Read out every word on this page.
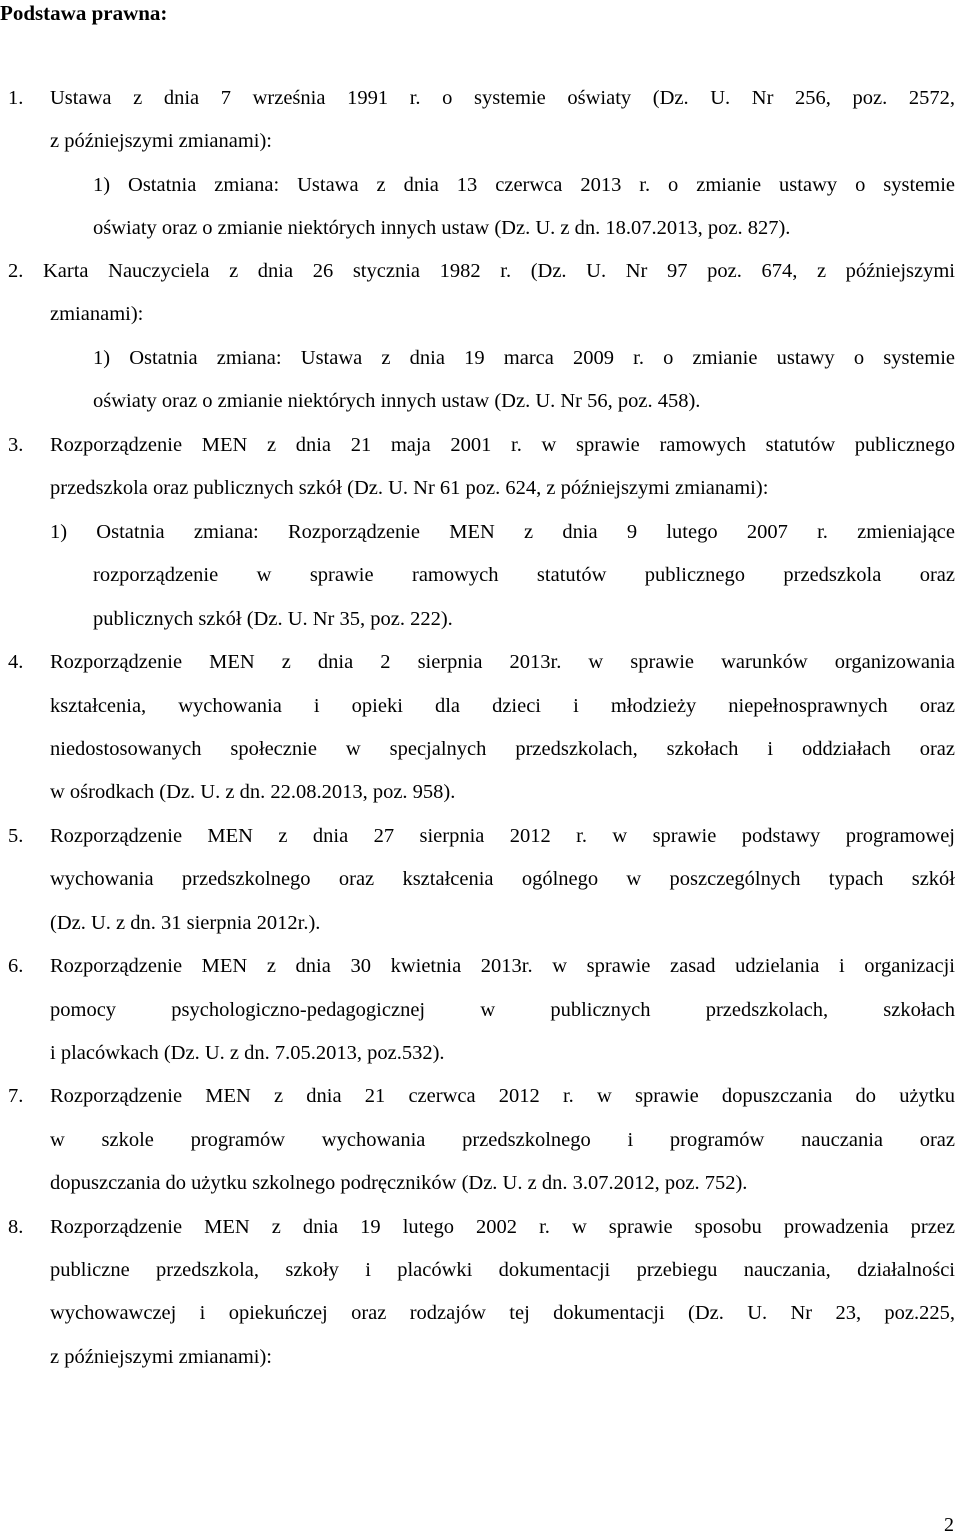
Podstawa prawna:
1. Ustawa z dnia 7 września 1991 r. o systemie oświaty (Dz. U. Nr 256, poz. 2572,
z późniejszymi zmianami):
1) Ostatnia zmiana: Ustawa z dnia 13 czerwca 2013 r. o zmianie ustawy o systemie
oświaty oraz o zmianie niektórych innych ustaw (Dz. U. z dn. 18.07.2013, poz. 827).
2. Karta Nauczyciela z dnia 26 stycznia 1982 r. (Dz. U. Nr 97 poz. 674, z późniejszymi
zmianami):
1) Ostatnia zmiana: Ustawa z dnia 19 marca 2009 r. o zmianie ustawy o systemie
oświaty oraz o zmianie niektórych innych ustaw (Dz. U. Nr 56, poz. 458).
3. Rozporządzenie MEN z dnia 21 maja 2001 r. w sprawie ramowych statutów publicznego
przedszkola oraz publicznych szkół (Dz. U. Nr 61 poz. 624, z późniejszymi zmianami):
1) Ostatnia zmiana: Rozporządzenie MEN z dnia 9 lutego 2007 r. zmieniające
rozporządzenie w sprawie ramowych statutów publicznego przedszkola oraz
publicznych szkół (Dz. U. Nr 35, poz. 222).
4. Rozporządzenie MEN z dnia 2 sierpnia 2013r. w sprawie warunków organizowania
kształcenia, wychowania i opieki dla dzieci i młodzieży niepełnosprawnych oraz
niedostosowanych społecznie w specjalnych przedszkolach, szkołach i oddziałach oraz
w ośrodkach (Dz. U. z dn. 22.08.2013, poz. 958).
5. Rozporządzenie MEN z dnia 27 sierpnia 2012 r. w sprawie podstawy programowej
wychowania przedszkolnego oraz kształcenia ogólnego w poszczególnych typach szkół
(Dz. U. z dn. 31 sierpnia 2012r.).
6. Rozporządzenie MEN z dnia 30 kwietnia 2013r. w sprawie zasad udzielania i organizacji
pomocy psychologiczno-pedagogicznej w publicznych przedszkolach, szkołach
i placówkach (Dz. U. z dn. 7.05.2013, poz.532).
7. Rozporządzenie MEN z dnia 21 czerwca 2012 r. w sprawie dopuszczania do użytku
w szkole programów wychowania przedszkolnego i programów nauczania oraz
dopuszczania do użytku szkolnego podręczników (Dz. U. z dn. 3.07.2012, poz. 752).
8. Rozporządzenie MEN z dnia 19 lutego 2002 r. w sprawie sposobu prowadzenia przez
publiczne przedszkola, szkoły i placówki dokumentacji przebiegu nauczania, działalności
wychowawczej i opiekuńczej oraz rodzajów tej dokumentacji (Dz. U. Nr 23, poz.225,
z późniejszymi zmianami):
2
